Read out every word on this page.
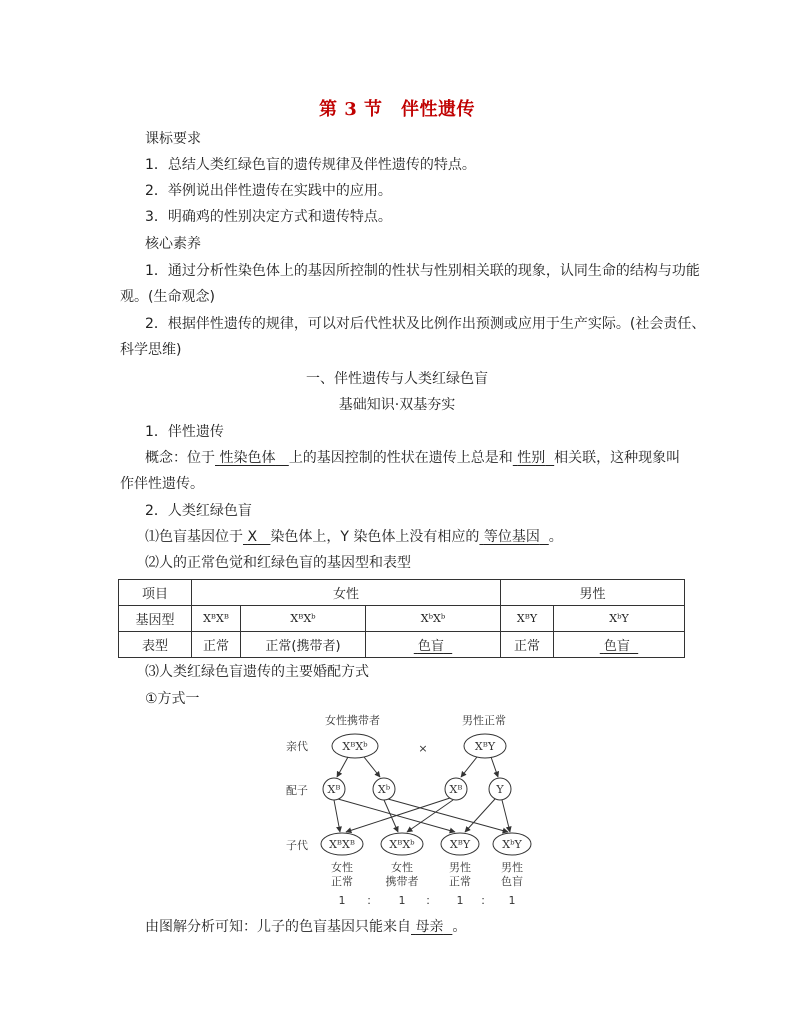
第 3 节　伴性遗传
课标要求
1．总结人类红绿色盲的遗传规律及伴性遗传的特点。
2．举例说出伴性遗传在实践中的应用。
3．明确鸡的性别决定方式和遗传特点。
核心素养
1．通过分析性染色体上的基因所控制的性状与性别相关联的现象，认同生命的结构与功能
观。(生命观念)
2．根据伴性遗传的规律，可以对后代性状及比例作出预测或应用于生产实际。(社会责任、
科学思维)
一、伴性遗传与人类红绿色盲
基础知识·双基夯实
1．伴性遗传
概念：位于 性染色体 上的基因控制的性状在遗传上总是和 性别 相关联，这种现象叫
作伴性遗传。
2．人类红绿色盲
⑴色盲基因位于 X 染色体上，Y 染色体上没有相应的 等位基因 。
⑵人的正常色觉和红绿色盲的基因型和表型
项目	女性			男性	
基因型	XᴮXᴮ	XᴮXᵇ	XᵇXᵇ	XᴮY	XᵇY
表型	正常	正常(携带者)	色盲	正常	色盲
⑶人类红绿色盲遗传的主要婚配方式
①方式一
亲代
配子
子代
女性携带者	男性正常
XᴮXᵇ	×	XᴮY
Xᴮ	Xᵇ	Xᴮ	Y
XᴮXᴮ	XᴮXᵇ	XᴮY	XᵇY
女性
正常
女性
携带者
男性
正常
男性
色盲
1 ： 1 ： 1 ： 1
由图解分析可知：儿子的色盲基因只能来自 母亲 。
